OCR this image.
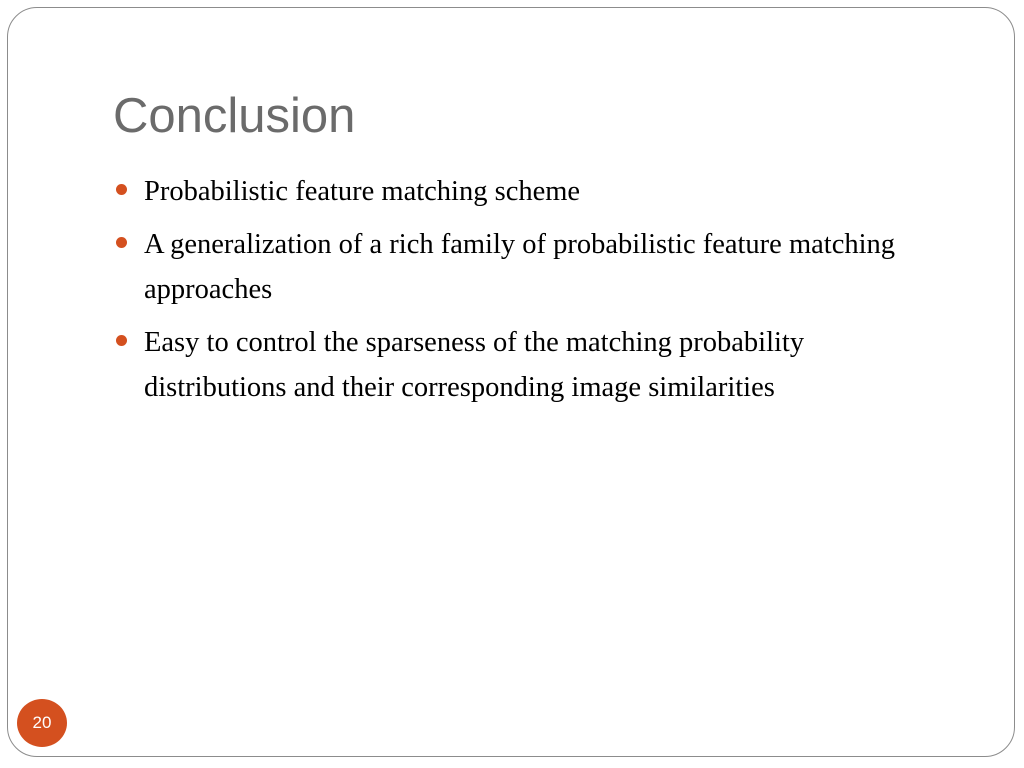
Conclusion
Probabilistic feature matching scheme
A generalization of a rich family of probabilistic feature matching approaches
Easy to control the sparseness of the matching probability distributions and their corresponding image similarities
20
